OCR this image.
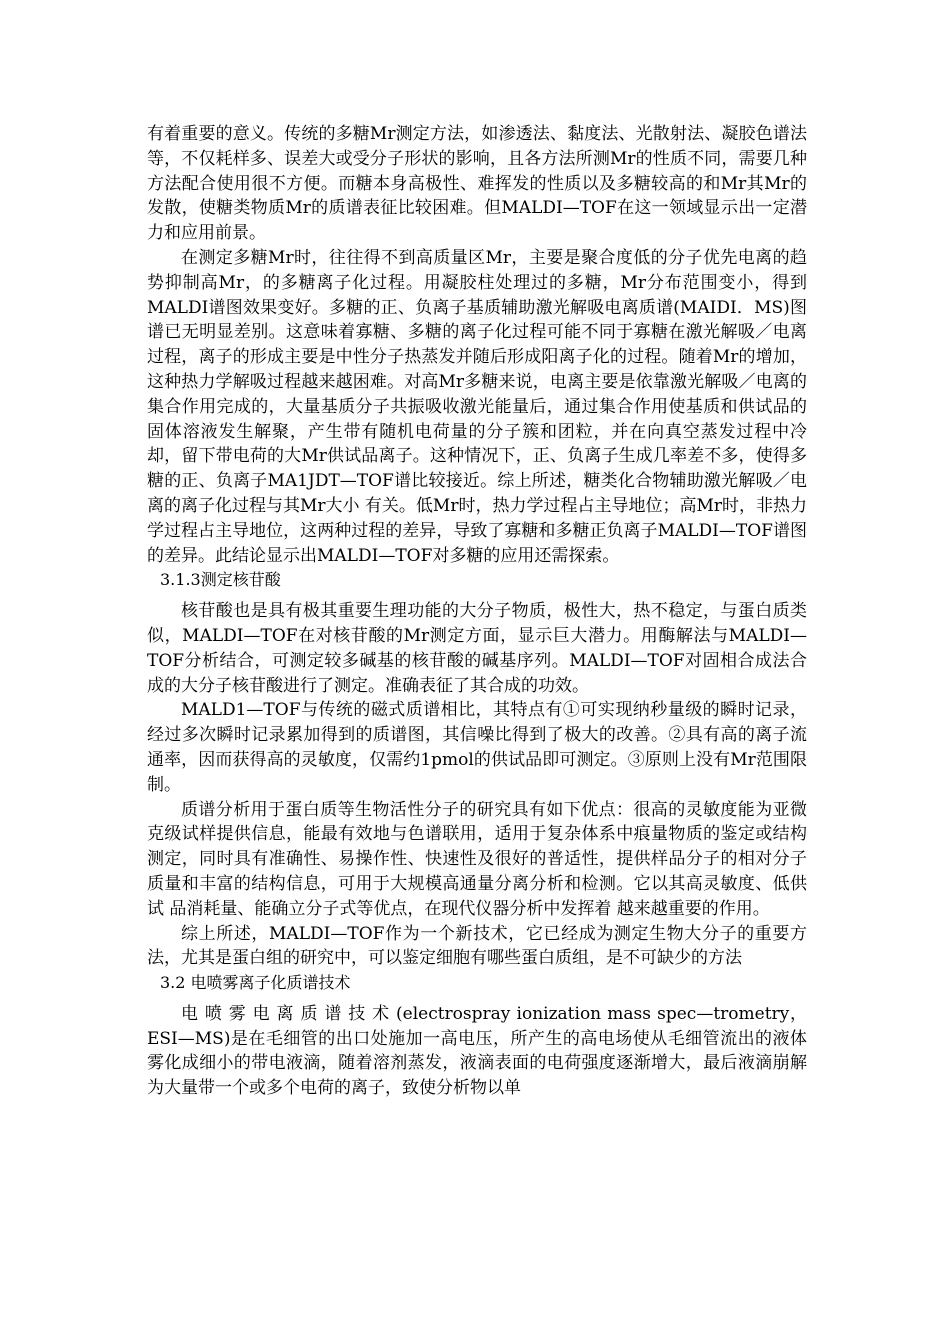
有着重要的意义。传统的多糖Mr测定方法，如渗透法、黏度法、光散射法、凝胶色谱法等，不仅耗样多、误差大或受分子形状的影响，且各方法所测Mr的性质不同，需要几种方法配合使用很不方便。而糖本身高极性、难挥发的性质以及多糖较高的和Mr其Mr的发散，使糖类物质Mr的质谱表征比较困难。但MALDI—TOF在这一领域显示出一定潜力和应用前景。

在测定多糖Mr时，往往得不到高质量区Mr，主要是聚合度低的分子优先电离的趋势抑制高Mr，的多糖离子化过程。用凝胶柱处理过的多糖，Mr分布范围变小，得到MALDI谱图效果变好。多糖的正、负离子基质辅助激光解吸电离质谱(MAIDI．MS)图谱已无明显差别。这意味着寡糖、多糖的离子化过程可能不同于寡糖在激光解吸／电离过程，离子的形成主要是中性分子热蒸发并随后形成阳离子化的过程。随着Mr的增加，这种热力学解吸过程越来越困难。对高Mr多糖来说，电离主要是依靠激光解吸／电离的集合作用完成的，大量基质分子共振吸收激光能量后，通过集合作用使基质和供试品的固体溶液发生解聚，产生带有随机电荷量的分子簇和团粒，并在向真空蒸发过程中冷却，留下带电荷的大Mr供试品离子。这种情况下，正、负离子生成几率差不多，使得多糖的正、负离子MA1JDT—TOF谱比较接近。综上所述，糖类化合物辅助激光解吸／电离的离子化过程与其Mr大小 有关。低Mr时，热力学过程占主导地位；高Mr时，非热力学过程占主导地位，这两种过程的差异，导致了寡糖和多糖正负离子MALDI—TOF谱图的差异。此结论显示出MALDI—TOF对多糖的应用还需探索。

3.1.3测定核苷酸

核苷酸也是具有极其重要生理功能的大分子物质，极性大，热不稳定，与蛋白质类似，MALDI—TOF在对核苷酸的Mr测定方面，显示巨大潜力。用酶解法与MALDI—TOF分析结合，可测定较多碱基的核苷酸的碱基序列。MALDI—TOF对固相合成法合成的大分子核苷酸进行了测定。准确表征了其合成的功效。

MALD1—TOF与传统的磁式质谱相比，其特点有①可实现纳秒量级的瞬时记录，经过多次瞬时记录累加得到的质谱图，其信噪比得到了极大的改善。②具有高的离子流通率，因而获得高的灵敏度，仅需约1pmol的供试品即可测定。③原则上没有Mr范围限制。

质谱分析用于蛋白质等生物活性分子的研究具有如下优点：很高的灵敏度能为亚微克级试样提供信息，能最有效地与色谱联用，适用于复杂体系中痕量物质的鉴定或结构测定，同时具有准确性、易操作性、快速性及很好的普适性，提供样品分子的相对分子质量和丰富的结构信息，可用于大规模高通量分离分析和检测。它以其高灵敏度、低供试 品消耗量、能确立分子式等优点，在现代仪器分析中发挥着 越来越重要的作用。

综上所述，MALDI—TOF作为一个新技术，它已经成为测定生物大分子的重要方法，尤其是蛋白组的研究中，可以鉴定细胞有哪些蛋白质组，是不可缺少的方法

3.2 电喷雾离子化质谱技术

电 喷 雾 电 离 质 谱 技 术 (electrospray ionization mass spec—trometry，ESI—MS)是在毛细管的出口处施加一高电压，所产生的高电场使从毛细管流出的液体雾化成细小的带电液滴，随着溶剂蒸发，液滴表面的电荷强度逐渐增大，最后液滴崩解为大量带一个或多个电荷的离子，致使分析物以单
